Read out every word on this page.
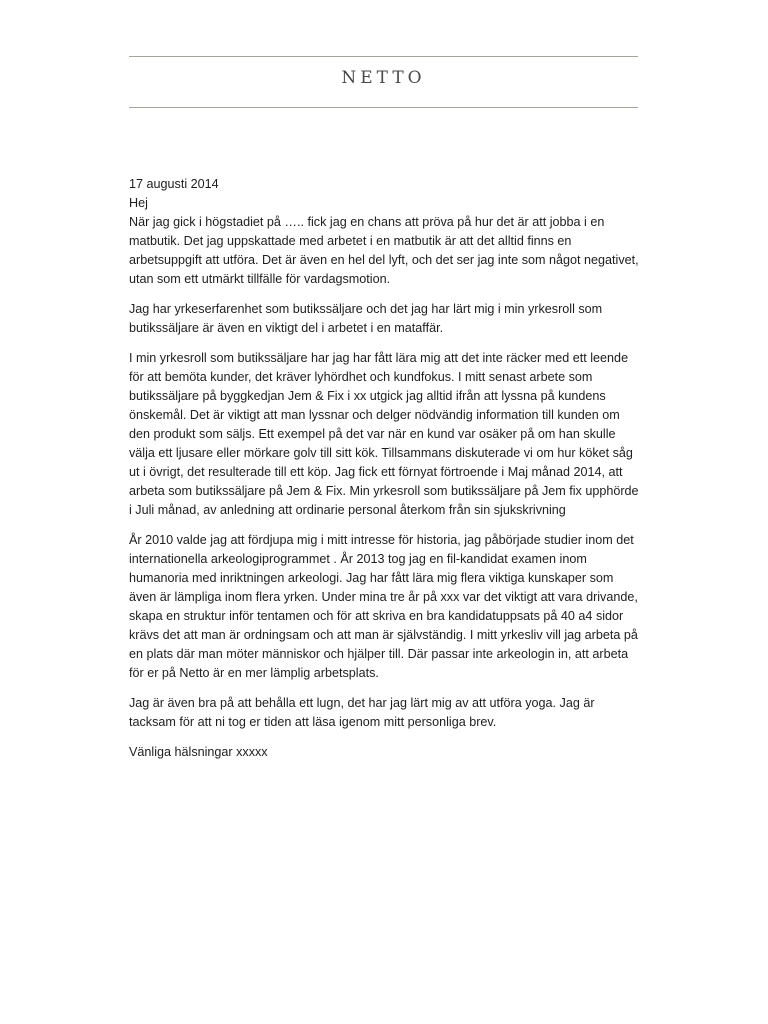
NETTO

17 augusti 2014

Hej

När jag gick i högstadiet på ….. fick jag en chans att pröva på hur det är att jobba i en matbutik. Det jag uppskattade med arbetet i en matbutik är att det alltid finns en arbetsuppgift att utföra. Det är även en hel del lyft, och det ser jag inte som något negativet, utan som ett utmärkt tillfälle för vardagsmotion.

Jag har yrkeserfarenhet som butikssäljare och det jag har lärt mig i min yrkesroll som butikssäljare är även en viktigt del i arbetet i en mataffär.

I min yrkesroll som butikssäljare har jag har fått lära mig att det inte räcker med ett leende för att bemöta kunder, det kräver lyhördhet och kundfokus. I mitt senast arbete som butikssäljare på byggkedjan Jem & Fix i xx utgick jag alltid ifrån att lyssna på kundens önskemål. Det är viktigt att man lyssnar och delger nödvändig information till kunden om den produkt som säljs. Ett exempel på det var när en kund var osäker på om han skulle välja ett ljusare eller mörkare golv till sitt kök. Tillsammans diskuterade vi om hur köket såg ut i övrigt, det resulterade till ett köp. Jag fick ett förnyat förtroende i Maj månad 2014, att arbeta som butikssäljare på Jem & Fix. Min yrkesroll som butikssäljare på Jem fix upphörde i Juli månad, av anledning att ordinarie personal återkom från sin sjukskrivning

År 2010 valde jag att fördjupa mig i mitt intresse för historia, jag påbörjade studier inom det internationella arkeologiprogrammet . År 2013 tog jag en fil-kandidat examen inom humanoria med inriktningen arkeologi. Jag har fått lära mig flera viktiga kunskaper som även är lämpliga inom flera yrken. Under mina tre år på xxx var det viktigt att vara drivande, skapa en struktur inför tentamen och för att skriva en bra kandidatuppsats på 40 a4 sidor krävs det att man är ordningsam och att man är självständig. I mitt yrkesliv vill jag arbeta på en plats där man möter människor och hjälper till. Där passar inte arkeologin in, att arbeta för er på Netto är en mer lämplig arbetsplats.

Jag är även bra på att behålla ett lugn, det har jag lärt mig av att utföra yoga. Jag är tacksam för att ni tog er tiden att läsa igenom mitt personliga brev.

Vänliga hälsningar xxxxx
